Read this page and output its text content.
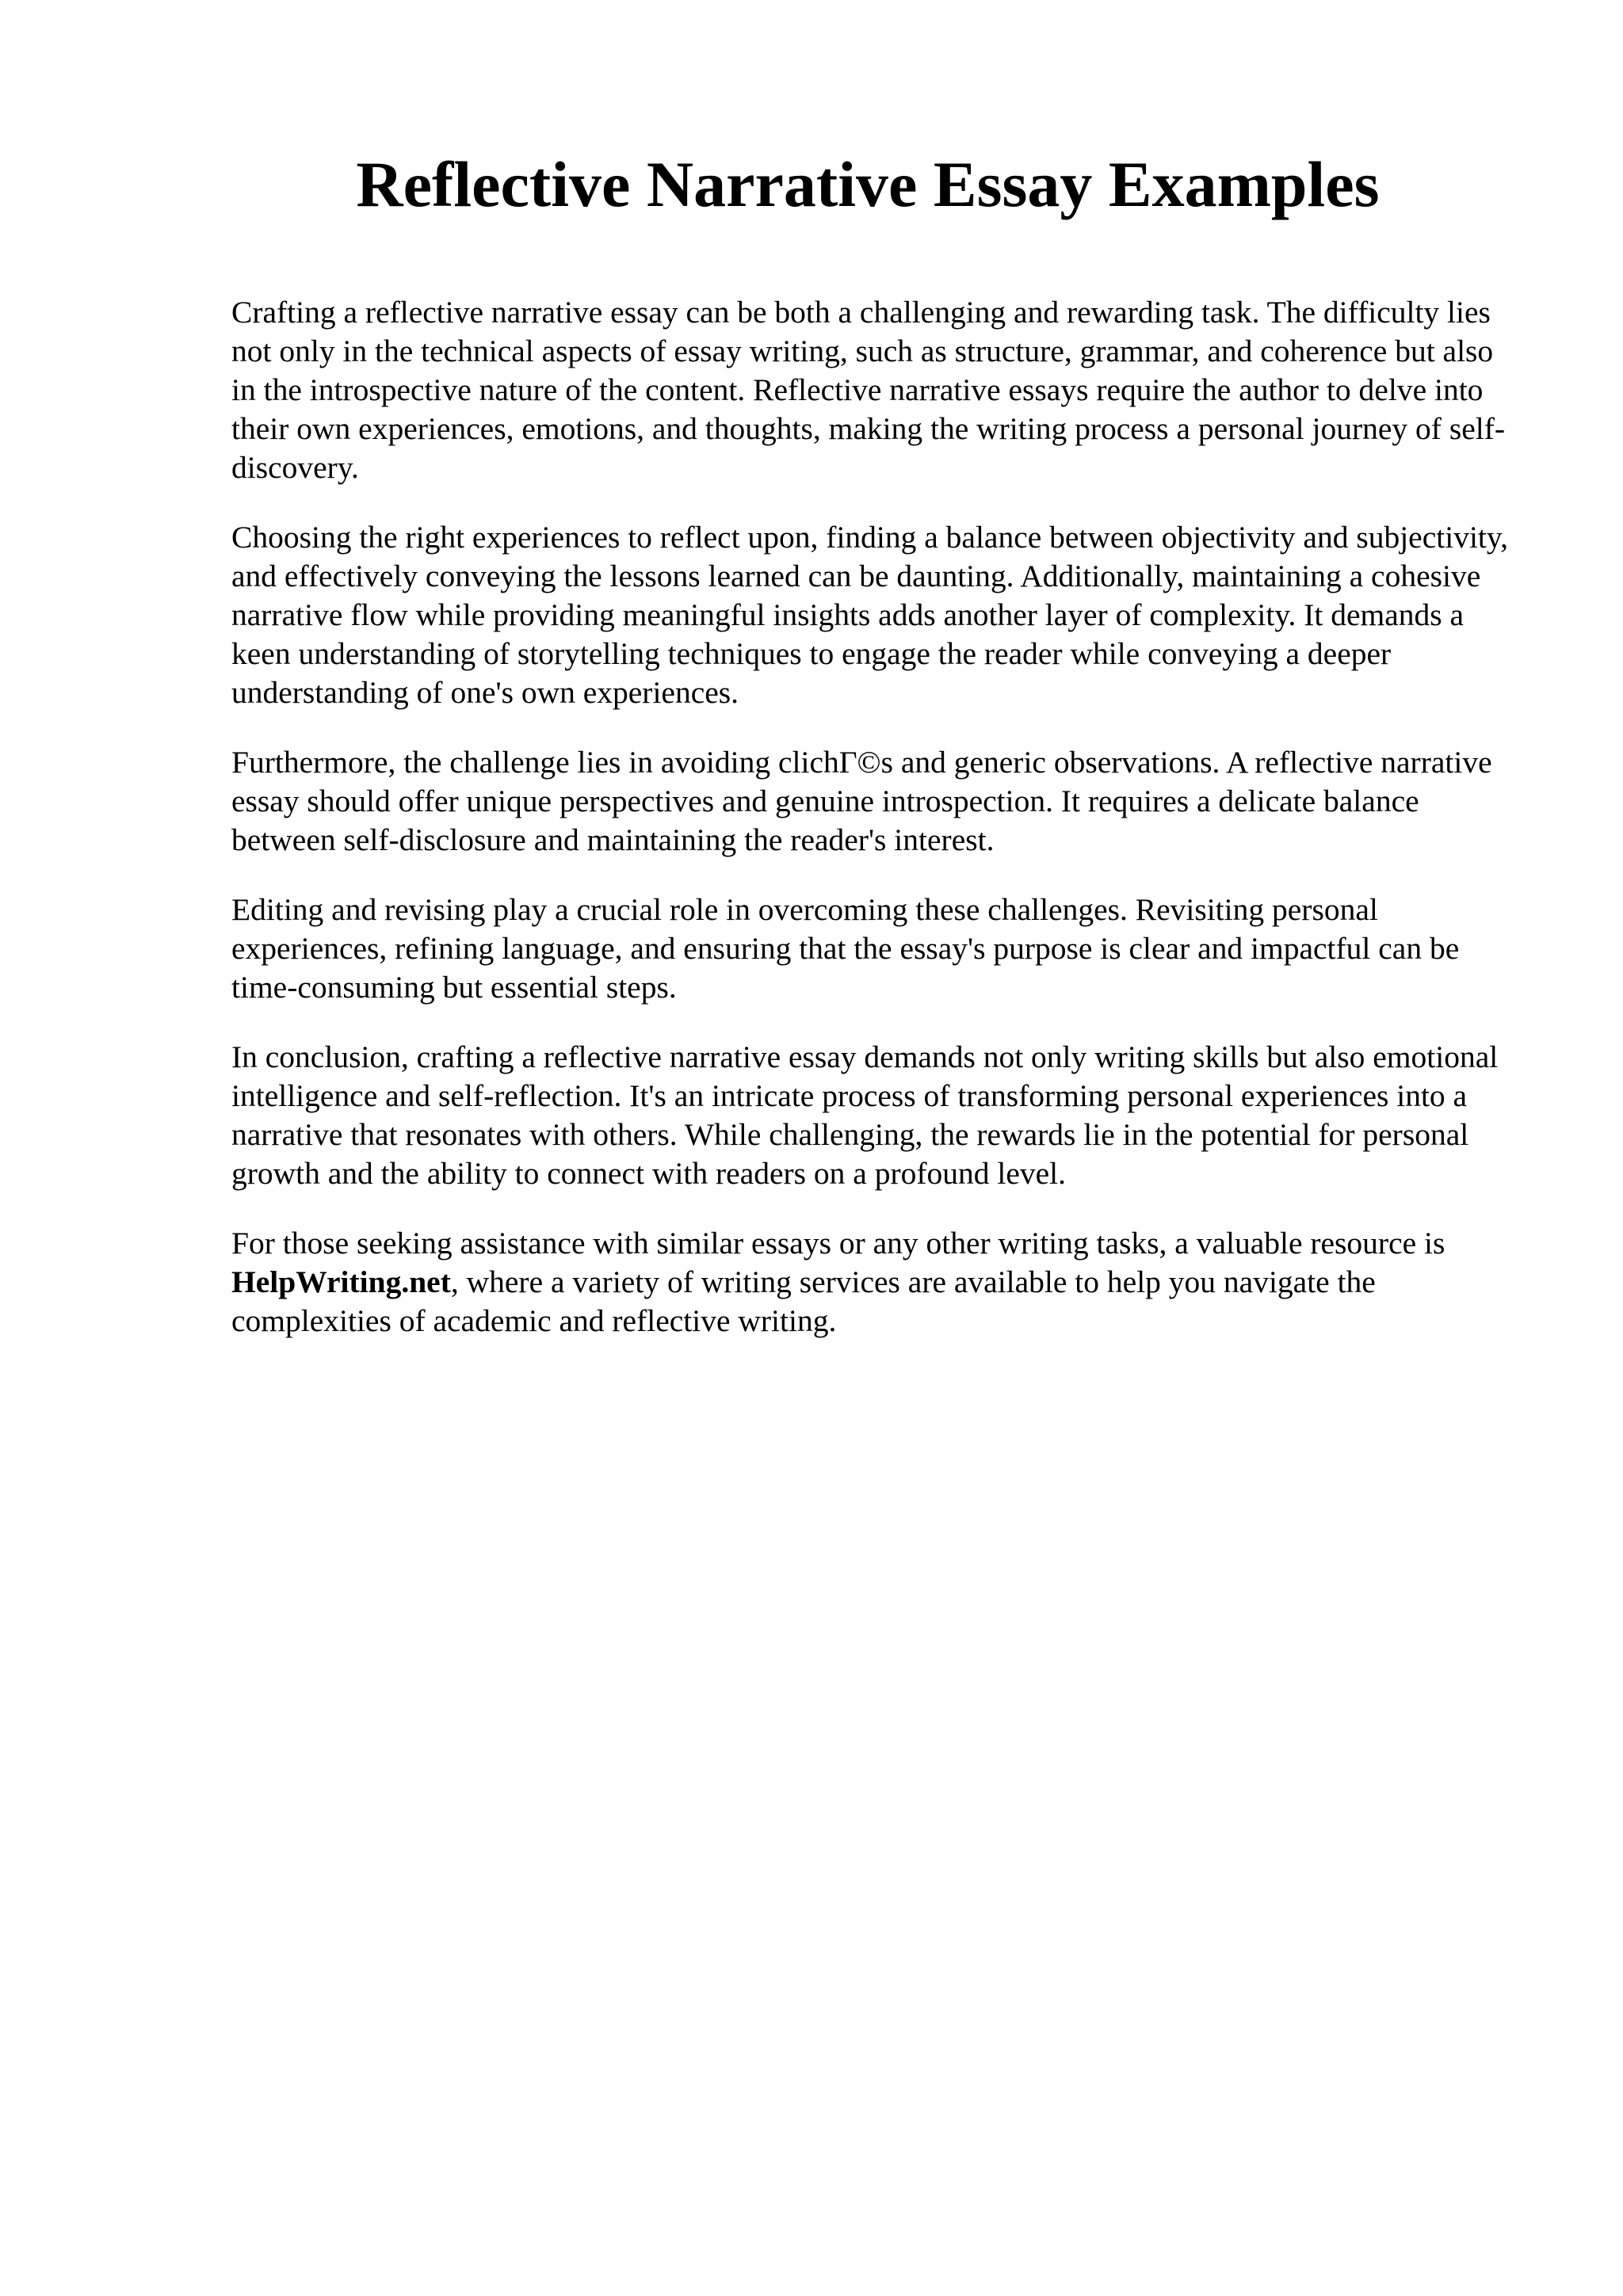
Reflective Narrative Essay Examples

Crafting a reflective narrative essay can be both a challenging and rewarding task. The difficulty lies not only in the technical aspects of essay writing, such as structure, grammar, and coherence but also in the introspective nature of the content. Reflective narrative essays require the author to delve into their own experiences, emotions, and thoughts, making the writing process a personal journey of self-discovery.

Choosing the right experiences to reflect upon, finding a balance between objectivity and subjectivity, and effectively conveying the lessons learned can be daunting. Additionally, maintaining a cohesive narrative flow while providing meaningful insights adds another layer of complexity. It demands a keen understanding of storytelling techniques to engage the reader while conveying a deeper understanding of one's own experiences.

Furthermore, the challenge lies in avoiding clichΓ©s and generic observations. A reflective narrative essay should offer unique perspectives and genuine introspection. It requires a delicate balance between self-disclosure and maintaining the reader's interest.

Editing and revising play a crucial role in overcoming these challenges. Revisiting personal experiences, refining language, and ensuring that the essay's purpose is clear and impactful can be time-consuming but essential steps.

In conclusion, crafting a reflective narrative essay demands not only writing skills but also emotional intelligence and self-reflection. It's an intricate process of transforming personal experiences into a narrative that resonates with others. While challenging, the rewards lie in the potential for personal growth and the ability to connect with readers on a profound level.

For those seeking assistance with similar essays or any other writing tasks, a valuable resource is HelpWriting.net, where a variety of writing services are available to help you navigate the complexities of academic and reflective writing.
